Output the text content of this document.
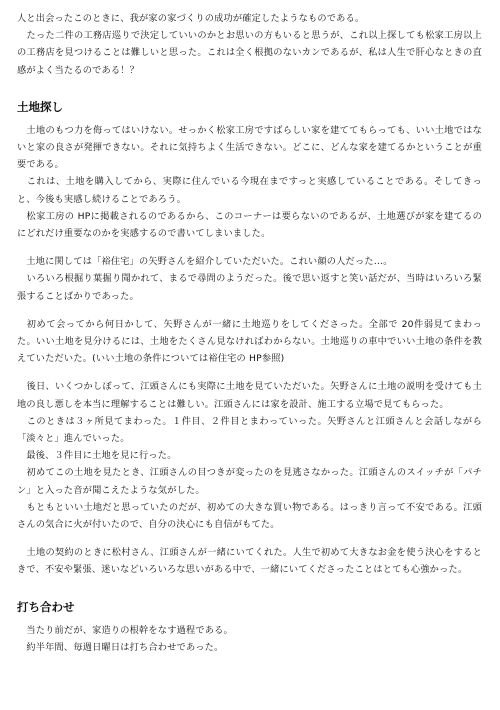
人と出会ったこのときに、我が家の家づくりの成功が確定したようなものである。

　たった二件の工務店巡りで決定していいのかとお思いの方もいると思うが、これ以上探しても松家工房以上の工務店を見つけることは難しいと思った。これは全く根拠のないカンであるが、私は人生で肝心なときの直感がよく当たるのである！？

土地探し

　土地のもつ力を侮ってはいけない。せっかく松家工房ですばらしい家を建ててもらっても、いい土地ではないと家の良さが発揮できない。それに気持ちよく生活できない。どこに、どんな家を建てるかということが重要である。

　これは、土地を購入してから、実際に住んでいる今現在まですっと実感していることである。そしてきっと、今後も実感し続けることであろう。

　松家工房の HPに掲載されるのであるから、このコーナーは要らないのであるが、土地選びが家を建てるのにどれだけ重要なのかを実感するので書いてしまいました。

　土地に関しては「裕住宅」の矢野さんを紹介していただいた。これい顔の人だった…。

　いろいろ根掘り葉掘り聞かれて、まるで尋問のようだった。後で思い返すと笑い話だが、当時はいろいろ緊張することばかりであった。

　初めて会ってから何日かして、矢野さんが一緒に土地巡りをしてくださった。全部で 20件弱見てまわった。いい土地を見分けるには、土地をたくさん見なければわからない。土地巡りの車中でいい土地の条件を教えていただいた。(いい土地の条件については裕住宅の HP参照)

　後日、いくつかしぼって、江頭さんにも実際に土地を見ていただいた。矢野さんに土地の説明を受けても土地の良し悪しを本当に理解することは難しい。江頭さんには家を設計、施工する立場で見てもらった。

　このときは３ヶ所見てまわった。１件目、２件目とまわっていった。矢野さんと江頭さんと会話しながら「淡々と」進んでいった。

　最後、３件目に土地を見に行った。

　初めてこの土地を見たとき、江頭さんの目つきが変ったのを見逃さなかった。江頭さんのスイッチが「パチン」と入った音が聞こえたような気がした。

　もともといい土地だと思っていたのだが、初めての大きな買い物である。はっきり言って不安である。江頭さんの気合に火が付いたので、自分の決心にも自信がもてた。

　土地の契約のときに松村さん、江頭さんが一緒にいてくれた。人生で初めて大きなお金を使う決心をするときで、不安や緊張、迷いなどいろいろな思いがある中で、一緒にいてくださったことはとても心強かった。

打ち合わせ

　当たり前だが、家造りの根幹をなす過程である。

　約半年間、毎週日曜日は打ち合わせであった。
